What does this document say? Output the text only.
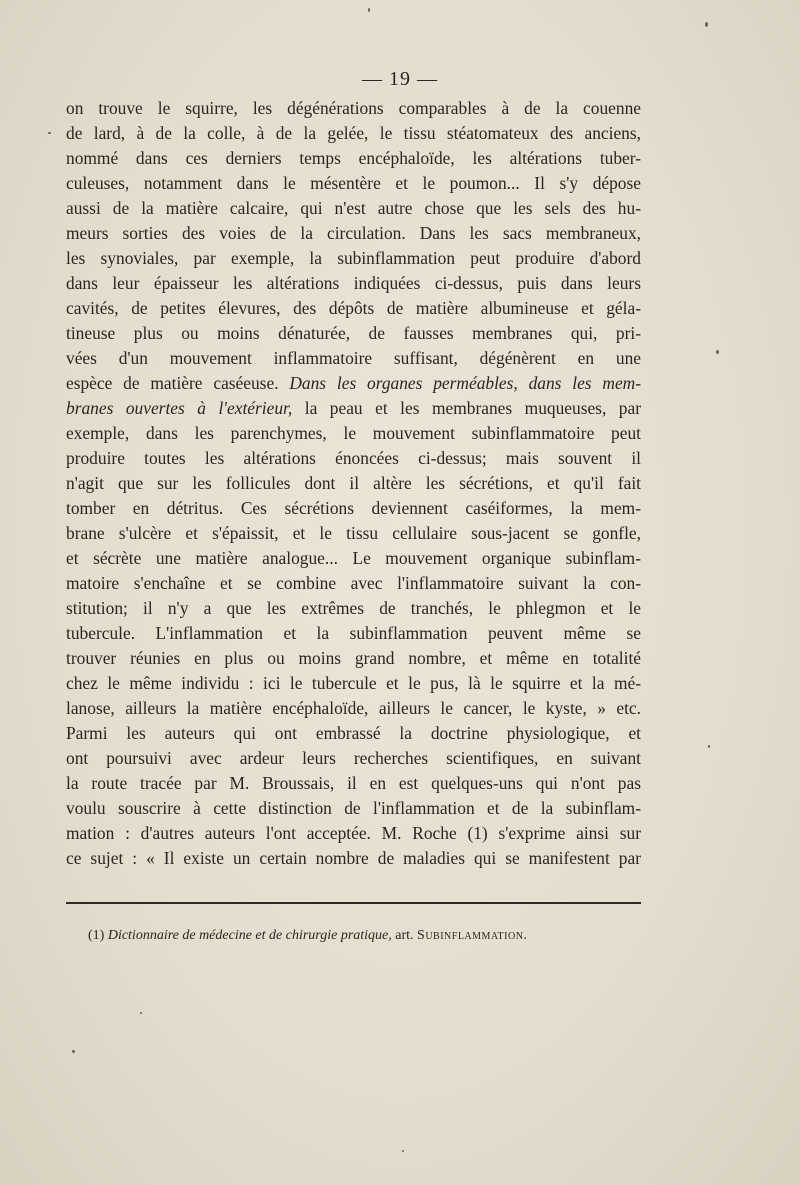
— 19 —
on trouve le squirre, les dégénérations comparables à de la couenne
de lard, à de la colle, à de la gelée, le tissu stéatomateux des anciens,
nommé dans ces derniers temps encéphaloïde, les altérations tuber-
culeuses, notamment dans le mésentère et le poumon... Il s'y dépose
aussi de la matière calcaire, qui n'est autre chose que les sels des hu-
meurs sorties des voies de la circulation. Dans les sacs membraneux,
les synoviales, par exemple, la subinflammation peut produire d'abord
dans leur épaisseur les altérations indiquées ci-dessus, puis dans leurs
cavités, de petites élevures, des dépôts de matière albumineuse et géla-
tineuse plus ou moins dénaturée, de fausses membranes qui, pri-
vées d'un mouvement inflammatoire suffisant, dégénèrent en une
espèce de matière caséeuse. Dans les organes perméables, dans les mem-
branes ouvertes à l'extérieur, la peau et les membranes muqueuses, par
exemple, dans les parenchymes, le mouvement subinflammatoire peut
produire toutes les altérations énoncées ci-dessus; mais souvent il
n'agit que sur les follicules dont il altère les sécrétions, et qu'il fait
tomber en détritus. Ces sécrétions deviennent caséiformes, la mem-
brane s'ulcère et s'épaissit, et le tissu cellulaire sous-jacent se gonfle,
et sécrète une matière analogue... Le mouvement organique subinflam-
matoire s'enchaîne et se combine avec l'inflammatoire suivant la con-
stitution; il n'y a que les extrêmes de tranchés, le phlegmon et le
tubercule. L'inflammation et la subinflammation peuvent même se
trouver réunies en plus ou moins grand nombre, et même en totalité
chez le même individu : ici le tubercule et le pus, là le squirre et la mé-
lanose, ailleurs la matière encéphaloïde, ailleurs le cancer, le kyste, » etc.
Parmi les auteurs qui ont embrassé la doctrine physiologique, et
ont poursuivi avec ardeur leurs recherches scientifiques, en suivant
la route tracée par M. Broussais, il en est quelques-uns qui n'ont pas
voulu souscrire à cette distinction de l'inflammation et de la subinflam-
mation : d'autres auteurs l'ont acceptée. M. Roche (1) s'exprime ainsi sur
ce sujet : « Il existe un certain nombre de maladies qui se manifestent par
(1) Dictionnaire de médecine et de chirurgie pratique, art. Subinflammation.
